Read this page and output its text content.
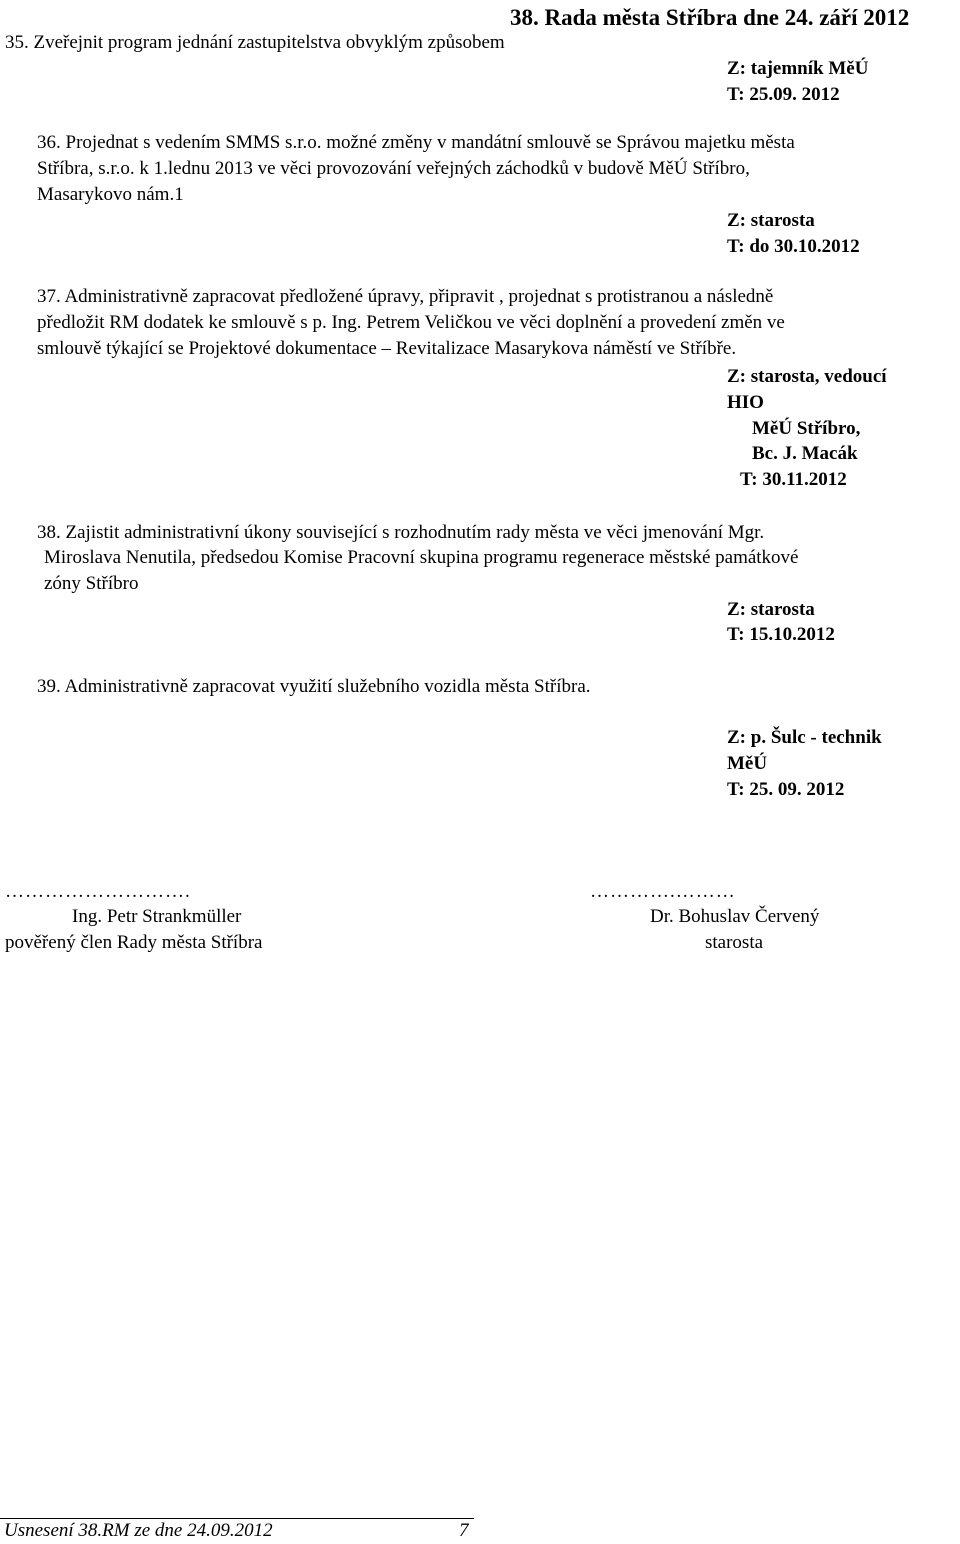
38. Rada města Stříbra dne 24. září 2012
35. Zveřejnit program jednání zastupitelstva obvyklým způsobem
Z: tajemník MěÚ
T: 25.09. 2012
36. Projednat s vedením SMMS s.r.o. možné změny v mandátní smlouvě se Správou majetku města
Stříbra, s.r.o. k 1.lednu 2013 ve věci provozování veřejných záchodků v budově MěÚ Stříbro,
Masarykovo nám.1
Z: starosta
T: do 30.10.2012
37. Administrativně zapracovat předložené úpravy, připravit , projednat s protistranou a následně
předložit RM dodatek ke smlouvě s p. Ing. Petrem Veličkou ve věci doplnění a provedení změn ve
smlouvě týkající se Projektové dokumentace – Revitalizace Masarykova náměstí ve Stříbře.
Z: starosta, vedoucí
HIO
MěÚ Stříbro,
Bc. J. Macák
T: 30.11.2012
38. Zajistit administrativní úkony související s rozhodnutím rady města ve věci jmenování Mgr.
Miroslava Nenutila, předsedou Komise Pracovní skupina programu regenerace městské památkové
zóny Stříbro
Z: starosta
T: 15.10.2012
39. Administrativně zapracovat využití služebního vozidla města Stříbra.
Z: p. Šulc - technik
MěÚ
T: 25. 09. 2012
……………………….
Ing. Petr Strankmüller
pověřený člen Rady města Stříbra
………….………
Dr. Bohuslav Červený
starosta
Usnesení 38.RM ze dne 24.09.2012	7
